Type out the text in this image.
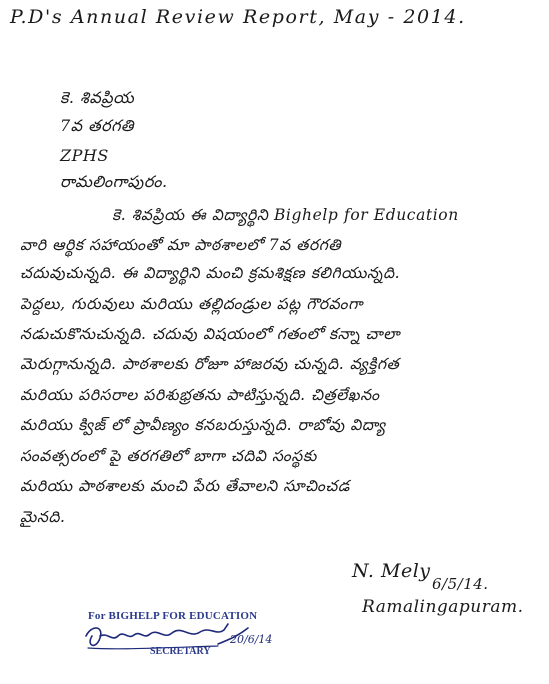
P.D's Annual Review Report, May - 2014.
కె. శివప్రియ
7వ తరగతి
ZPHS
రామలింగాపురం.
కె. శివప్రియ ఈ విద్యార్థిని Bighelp for Education
వారి ఆర్థిక సహాయంతో మా పాఠశాలలో 7వ తరగతి
చదువుచున్నది. ఈ విద్యార్థిని మంచి క్రమశిక్షణ కలిగియున్నది.
పెద్దలు, గురువులు మరియు తల్లిదండ్రుల పట్ల గౌరవంగా
నడుచుకొనుచున్నది. చదువు విషయంలో గతంలో కన్నా చాలా
మెరుగ్గానున్నది. పాఠశాలకు రోజూ హాజరవు చున్నది. వ్యక్తిగత
మరియు పరిసరాల పరిశుభ్రతను పాటిస్తున్నది. చిత్రలేఖనం
మరియు క్విజ్ లో ప్రావీణ్యం కనబరుస్తున్నది. రాబోవు విద్యా
సంవత్సరంలో పై తరగతిలో బాగా చదివి సంస్థకు
మరియు పాఠశాలకు మంచి పేరు తేవాలని సూచించడ
మైనది.
N. Mely
6/5/14.
Ramalingapuram.
For BIGHELP FOR EDUCATION
20/6/14
SECRETARY
